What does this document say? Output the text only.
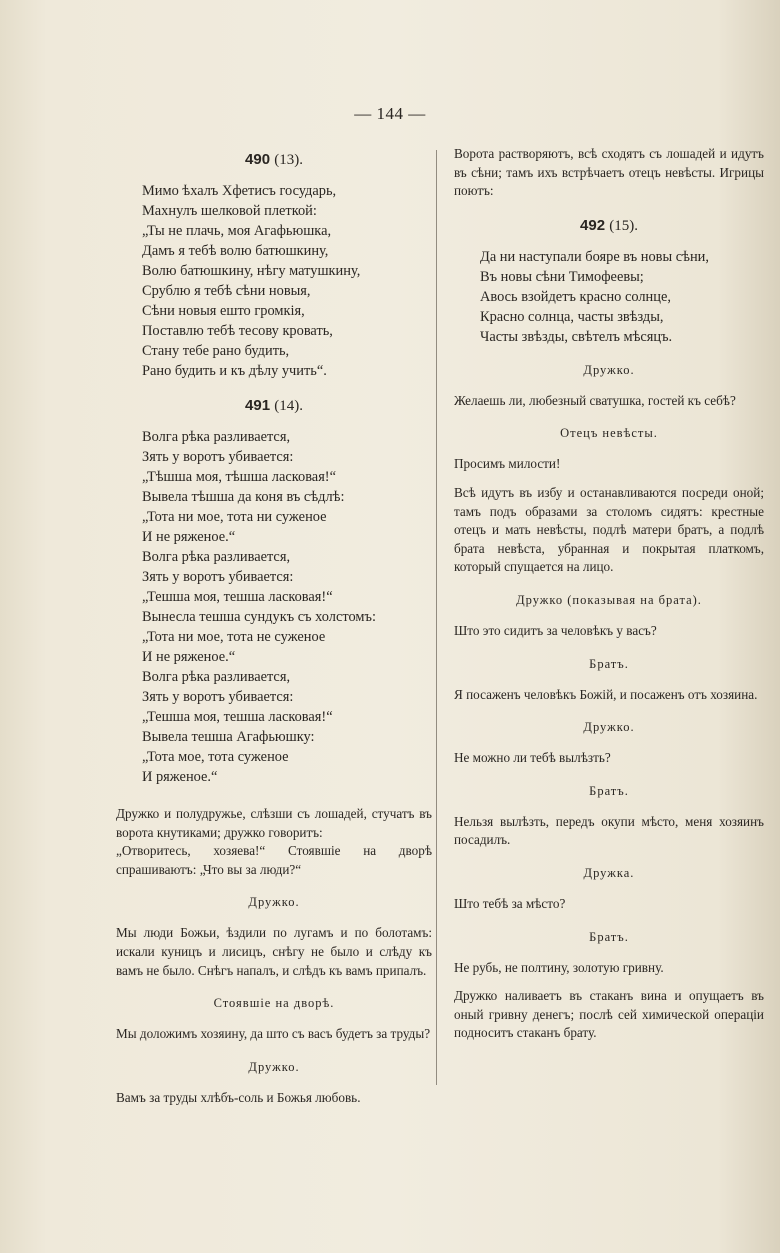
— 144 —
490 (13).
Мимо ѣхалъ Хфетисъ государь,
Махнулъ шелковой плеткой:
„Ты не плачь, моя Агафьюшка,
Дамъ я тебѣ волю батюшкину,
Волю батюшкину, нѣгу матушкину,
Срублю я тебѣ сѣни новыя,
Сѣни новыя ешто громкія,
Поставлю тебѣ тесову кровать,
Стану тебе рано будить,
Рано будить и къ дѣлу учить“.
491 (14).
Волга рѣка разливается,
Зять у воротъ убивается:
„Тѣшша моя, тѣшша ласковая!“
Вывела тѣшша да коня въ сѣдлѣ:
„Тота ни мое, тота ни суженое
И не ряженое.“
Волга рѣка разливается,
Зять у воротъ убивается:
„Тешша моя, тешша ласковая!“
Вынесла тешша сундукъ съ холстомъ:
„Тота ни мое, тота не суженое
И не ряженое.“
Волга рѣка разливается,
Зять у воротъ убивается:
„Тешша моя, тешша ласковая!“
Вывела тешша Агафьюшку:
„Тота мое, тота суженое
И ряженое.“

Дружко и полудружье, слѣзши съ лошадей, стучатъ въ ворота кнутиками; дружко говоритъ:

„Отворитесь, хозяева!“ Стоявшіе на дворѣ спрашиваютъ: „Что вы за люди?“

Дружко.

Мы люди Божьи, ѣздили по лугамъ и по болотамъ: искали куницъ и лисицъ, снѣгу не было и слѣду къ вамъ не было. Снѣгъ напалъ, и слѣдъ къ вамъ припалъ.

Стоявшіе на дворѣ.

Мы доложимъ хозяину, да што съ васъ будетъ за труды?

Дружко.

Вамъ за труды хлѣбъ-соль и Божья любовь.

Ворота растворяютъ, всѣ сходятъ съ лошадей и идутъ въ сѣни; тамъ ихъ встрѣчаетъ отецъ невѣсты. Игрицы поютъ:

492 (15).
Да ни наступали бояре въ новы сѣни,
Въ новы сѣни Тимофеевы;
Авось взойдетъ красно солнце,
Красно солнца, часты звѣзды,
Часты звѣзды, свѣтелъ мѣсяцъ.
Дружко.

Желаешь ли, любезный сватушка, гостей къ себѣ?

Отецъ невѣсты.

Просимъ милости!

Всѣ идутъ въ избу и останавливаются посреди оной; тамъ подъ образами за столомъ сидятъ: крестные отецъ и мать невѣсты, подлѣ матери братъ, а подлѣ брата невѣста, убранная и покрытая платкомъ, который спущается на лицо.

Дружко (показывая на брата).

Што это сидитъ за человѣкъ у васъ?

Братъ.

Я посаженъ человѣкъ Божій, и посаженъ отъ хозяина.

Дружко.

Не можно ли тебѣ вылѣзть?

Братъ.

Нельзя вылѣзть, передъ окупи мѣсто, меня хозяинъ посадилъ.

Дружка.

Што тебѣ за мѣсто?

Братъ.

Не рубь, не полтину, золотую гривну.

Дружко наливаетъ въ стаканъ вина и опущаетъ въ оный гривну денегъ; послѣ сей химической операціи подноситъ стаканъ брату.
